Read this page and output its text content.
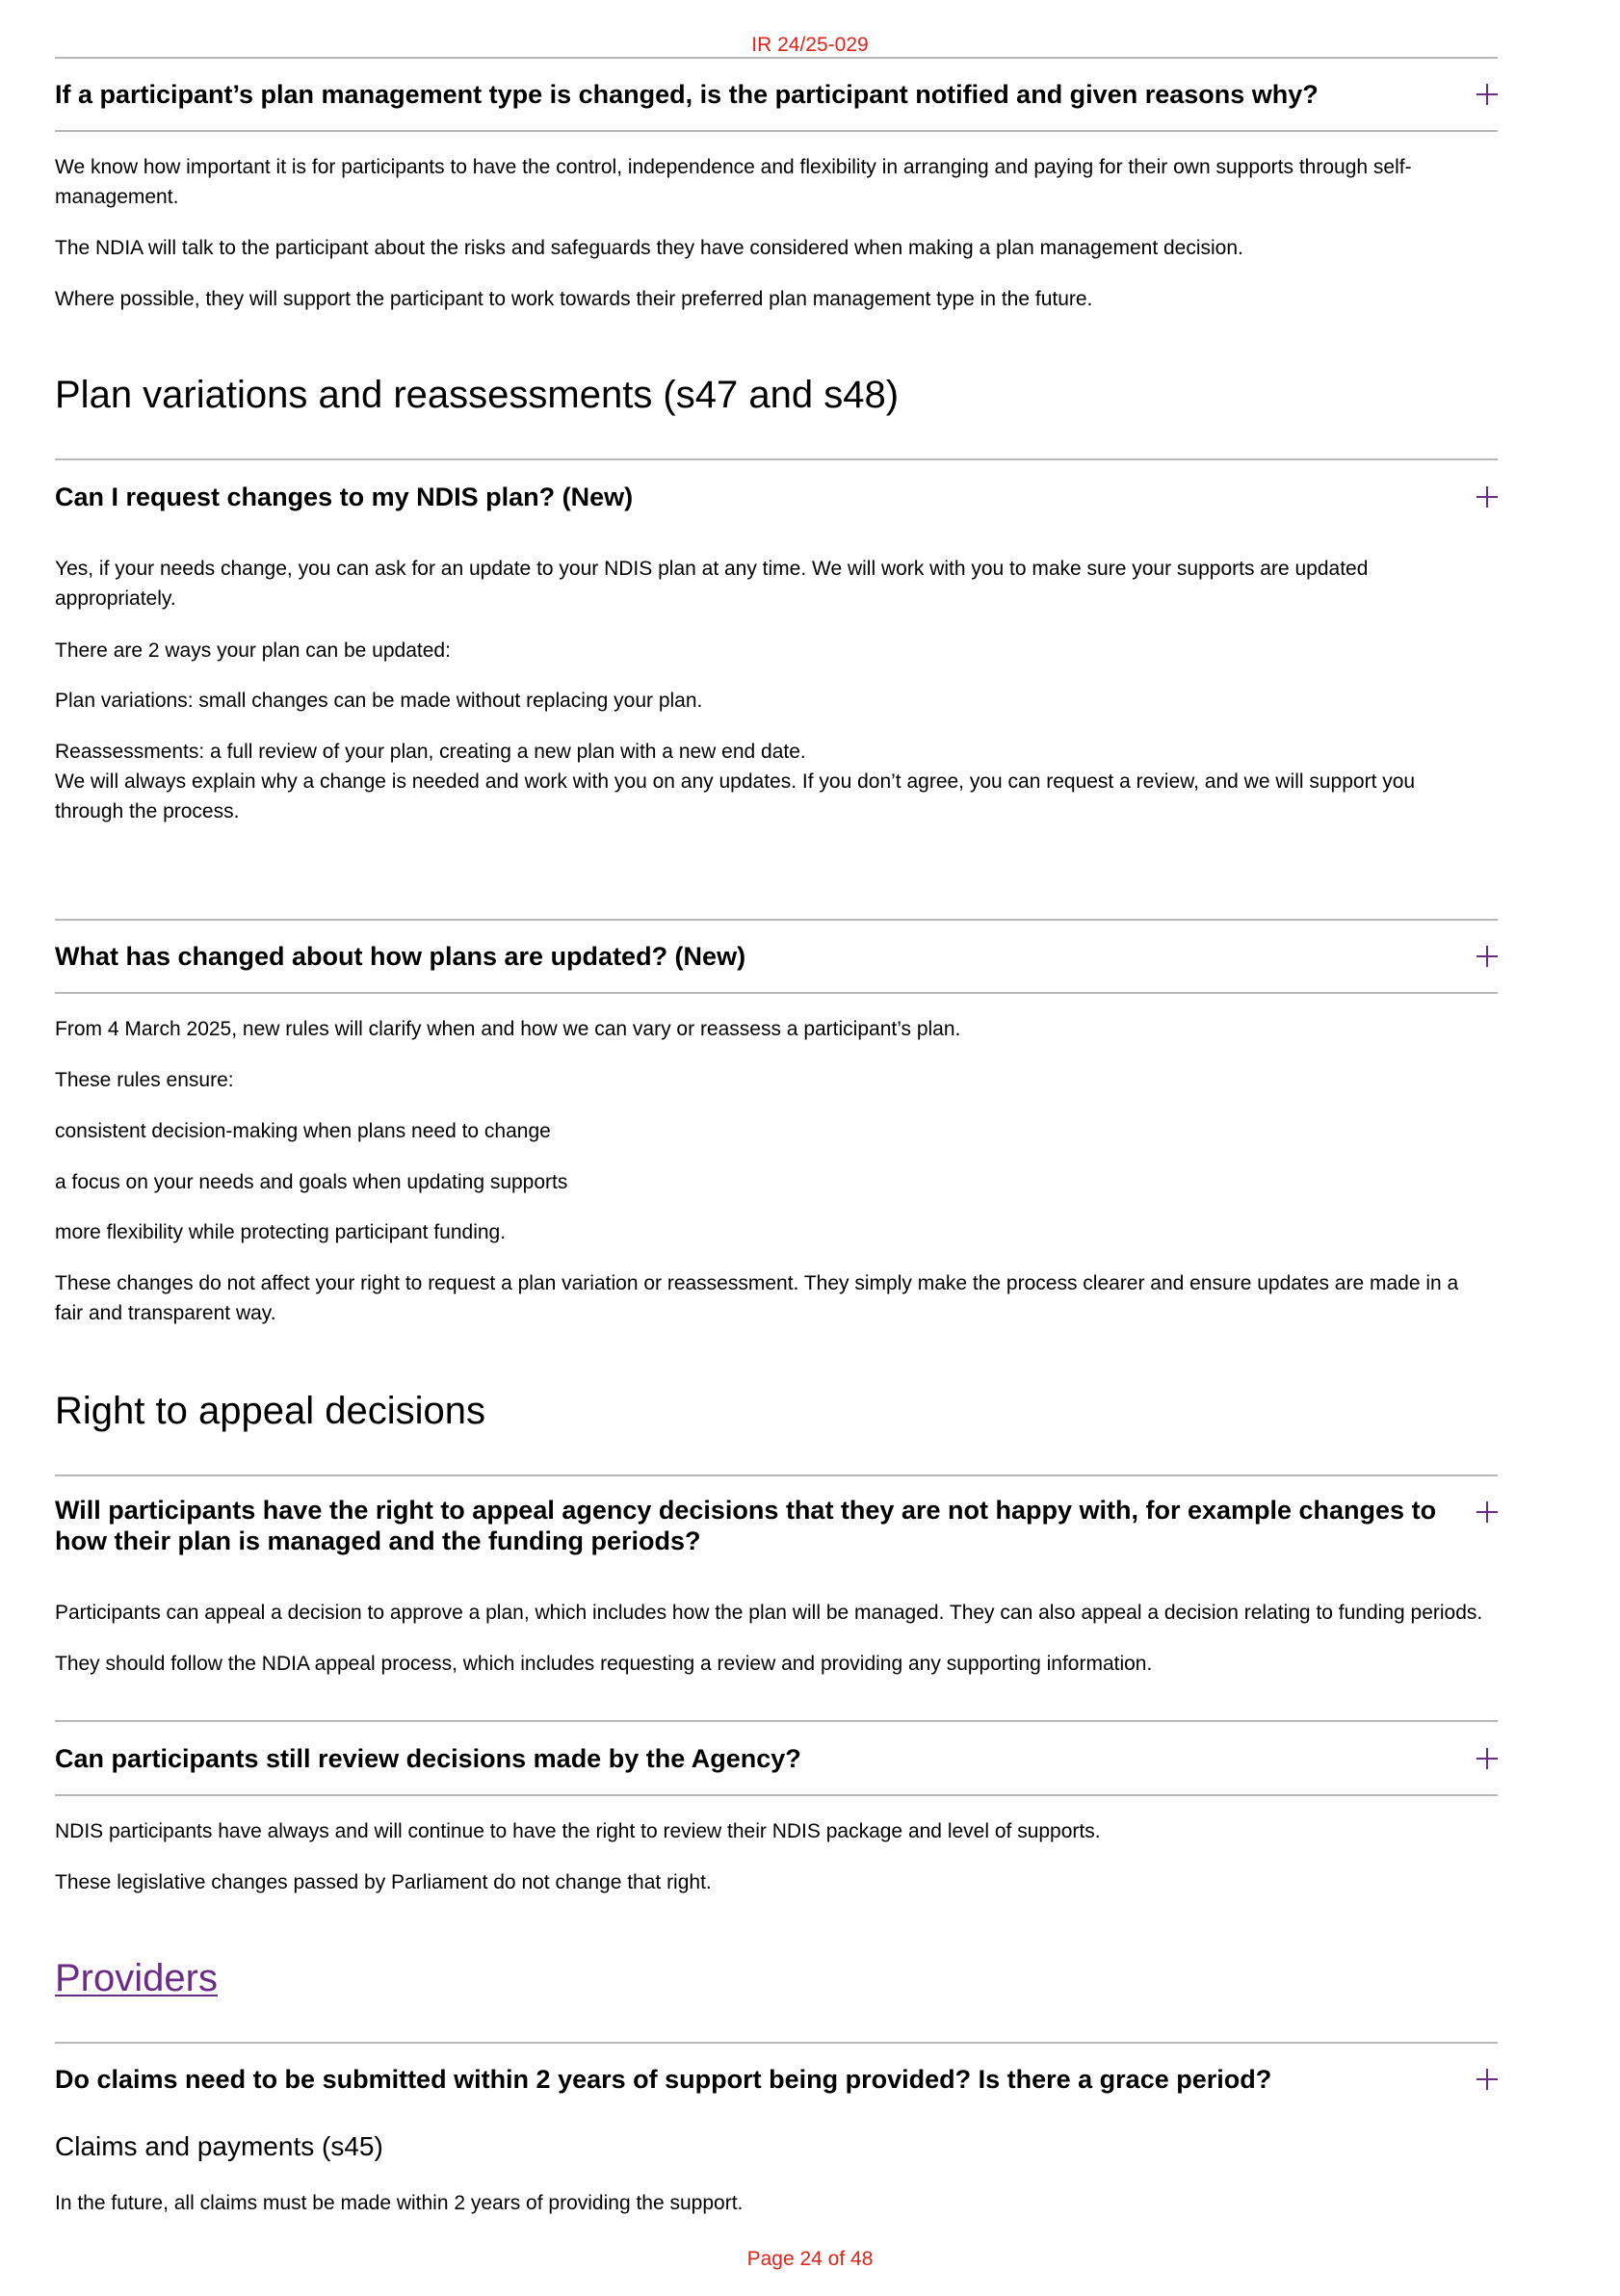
IR 24/25-029
If a participant’s plan management type is changed, is the participant notified and given reasons why?

We know how important it is for participants to have the control, independence and flexibility in arranging and paying for their own supports through self-management.

The NDIA will talk to the participant about the risks and safeguards they have considered when making a plan management decision.

Where possible, they will support the participant to work towards their preferred plan management type in the future.

Plan variations and reassessments (s47 and s48)
Can I request changes to my NDIS plan? (New)

Yes, if your needs change, you can ask for an update to your NDIS plan at any time. We will work with you to make sure your supports are updated appropriately.

There are 2 ways your plan can be updated:

Plan variations: small changes can be made without replacing your plan.

Reassessments: a full review of your plan, creating a new plan with a new end date.

We will always explain why a change is needed and work with you on any updates. If you don’t agree, you can request a review, and we will support you through the process.

What has changed about how plans are updated? (New)

From 4 March 2025, new rules will clarify when and how we can vary or reassess a participant’s plan.

These rules ensure:

consistent decision-making when plans need to change

a focus on your needs and goals when updating supports

more flexibility while protecting participant funding.

These changes do not affect your right to request a plan variation or reassessment. They simply make the process clearer and ensure updates are made in a fair and transparent way.

Right to appeal decisions
Will participants have the right to appeal agency decisions that they are not happy with, for example changes to how their plan is managed and the funding periods?

Participants can appeal a decision to approve a plan, which includes how the plan will be managed. They can also appeal a decision relating to funding periods.

They should follow the NDIA appeal process, which includes requesting a review and providing any supporting information.

Can participants still review decisions made by the Agency?

NDIS participants have always and will continue to have the right to review their NDIS package and level of supports.

These legislative changes passed by Parliament do not change that right.

Providers
Do claims need to be submitted within 2 years of support being provided? Is there a grace period?
Claims and payments (s45)

In the future, all claims must be made within 2 years of providing the support.

Page 24 of 48
